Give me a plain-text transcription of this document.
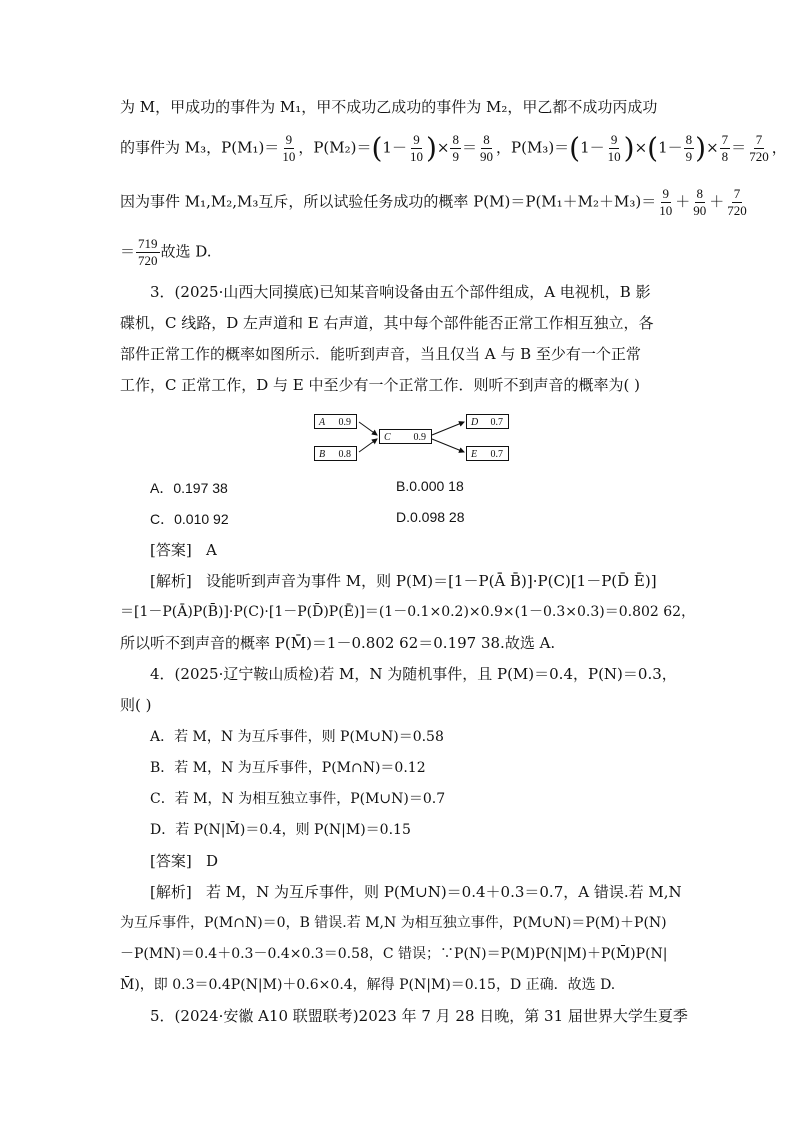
为 M，甲成功的事件为 M₁，甲不成功乙成功的事件为 M₂，甲乙都不成功丙成功
的事件为 M₃，$P(M_1)= \frac{9}{10}$ ，$P(M_2)=(1- \frac{9}{10}$ )× $\frac{8}{9} = \frac{8}{90}$ ，$P(M_3)=(1- \frac{9}{10} )\times(1- \frac{8}{9}$ )× $\frac{7}{8} = \frac{7}{720}$ ，
因为事件 M₁,M₂,M₃互斥，所以试验任务成功的概率 $P(M)=P(M_1+M_2+M_3)= \frac{9}{10} + \frac{8}{90} + \frac{7}{720}$
＝ $\frac{719}{720}$ 故选 D.
3．(2025·山西大同摸底)已知某音响设备由五个部件组成，A 电视机，B 影
碟机，C 线路，D 左声道和 E 右声道，其中每个部件能否正常工作相互独立，各
部件正常工作的概率如图所示．能听到声音，当且仅当 A 与 B 至少有一个正常
工作，C 正常工作，D 与 E 中至少有一个正常工作．则听不到声音的概率为( )
A 0.9
B 0.8
C 0.9
D 0.7
E 0.7
A．0.197 38	B.0.000 18
C．0.010 92	D.0.098 28
[答案] A
[解析] 设能听到声音为事件 M，则 P(M)＝[1－P(Ā B̄)]·P(C)[1－P(D̄ Ē)]
＝[1－P(Ā)P(B̄)]·P(C)·[1－P(D̄)P(Ē)]＝(1－0.1×0.2)×0.9×(1－0.3×0.3)＝0.802 62，
所以听不到声音的概率 P(M̄)＝1－0.802 62＝0.197 38.故选 A.
4．(2025·辽宁鞍山质检)若 M，N 为随机事件，且 P(M)＝0.4，P(N)＝0.3，
则( )
A．若 M，N 为互斥事件，则 P(M∪N)＝0.58
B．若 M，N 为互斥事件，P(M∩N)＝0.12
C．若 M，N 为相互独立事件，P(M∪N)＝0.7
D．若 P(N|M̄)＝0.4，则 P(N|M)＝0.15
[答案] D
[解析] 若 M，N 为互斥事件，则 P(M∪N)＝0.4＋0.3＝0.7，A 错误.若 M,N
为互斥事件，P(M∩N)＝0，B 错误.若 M,N 为相互独立事件，P(M∪N)＝P(M)＋P(N)
－P(MN)＝0.4＋0.3－0.4×0.3＝0.58，C 错误；∵P(N)＝P(M)P(N|M)＋P(M̄)P(N|
M̄)，即 0.3＝0.4P(N|M)＋0.6×0.4，解得 P(N|M)＝0.15，D 正确．故选 D.
5．(2024·安徽 A10 联盟联考)2023 年 7 月 28 日晚，第 31 届世界大学生夏季
